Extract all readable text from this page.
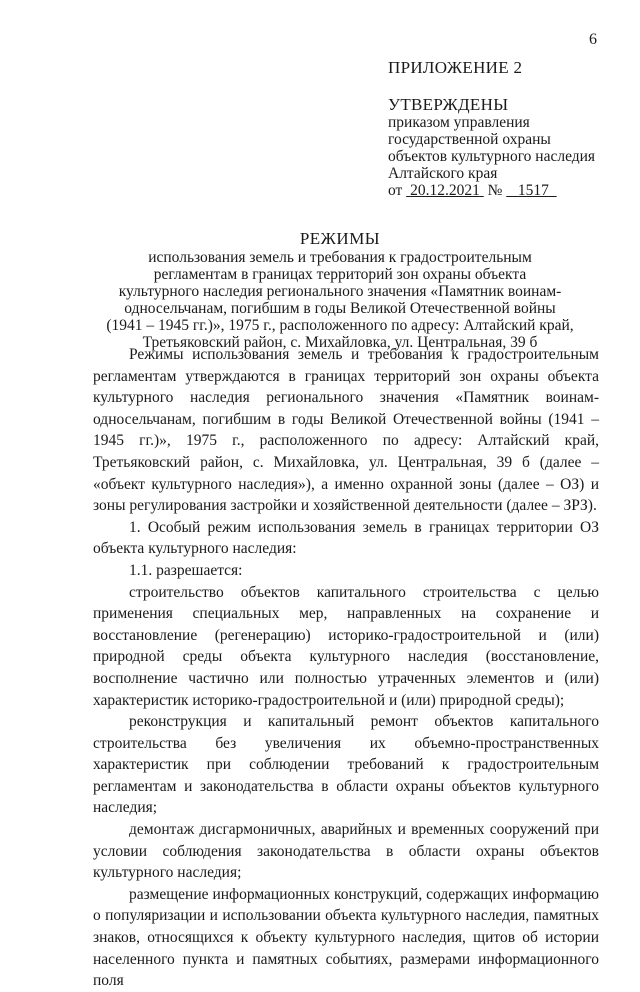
6
ПРИЛОЖЕНИЕ 2
УТВЕРЖДЕНЫ
приказом управления
государственной охраны
объектов культурного наследия
Алтайского края
от  20.12.2021  №    1517
РЕЖИМЫ
использования земель и требования к градостроительным
регламентам в границах территорий зон охраны объекта
культурного наследия регионального значения «Памятник воинам-
односельчанам, погибшим в годы Великой Отечественной войны
(1941 – 1945 гг.)», 1975 г., расположенного по адресу: Алтайский край,
Третьяковский район, с. Михайловка, ул. Центральная, 39 б

Режимы использования земель и требования к градостроительным регламентам утверждаются в границах территорий зон охраны объекта культурного наследия регионального значения «Памятник воинам-односельчанам, погибшим в годы Великой Отечественной войны (1941 – 1945 гг.)», 1975 г., расположенного по адресу: Алтайский край, Третьяковский район, с. Михайловка, ул. Центральная, 39 б (далее – «объект культурного наследия»), а именно охранной зоны (далее – ОЗ) и зоны регулирования застройки и хозяйственной деятельности (далее – ЗРЗ).

1. Особый режим использования земель в границах территории ОЗ объекта культурного наследия:

1.1. разрешается:

строительство объектов капитального строительства с целью применения специальных мер, направленных на сохранение и восстановление (регенерацию) историко-градостроительной и (или) природной среды объекта культурного наследия (восстановление, восполнение частично или полностью утраченных элементов и (или) характеристик историко-градостроительной и (или) природной среды);

реконструкция и капитальный ремонт объектов капитального строительства без увеличения их объемно-пространственных характеристик при соблюдении требований к градостроительным регламентам и законодательства в области охраны объектов культурного наследия;

демонтаж дисгармоничных, аварийных и временных сооружений при условии соблюдения законодательства в области охраны объектов культурного наследия;

размещение информационных конструкций, содержащих информацию о популяризации и использовании объекта культурного наследия, памятных знаков, относящихся к объекту культурного наследия, щитов об истории населенного пункта и памятных событиях, размерами информационного поля
